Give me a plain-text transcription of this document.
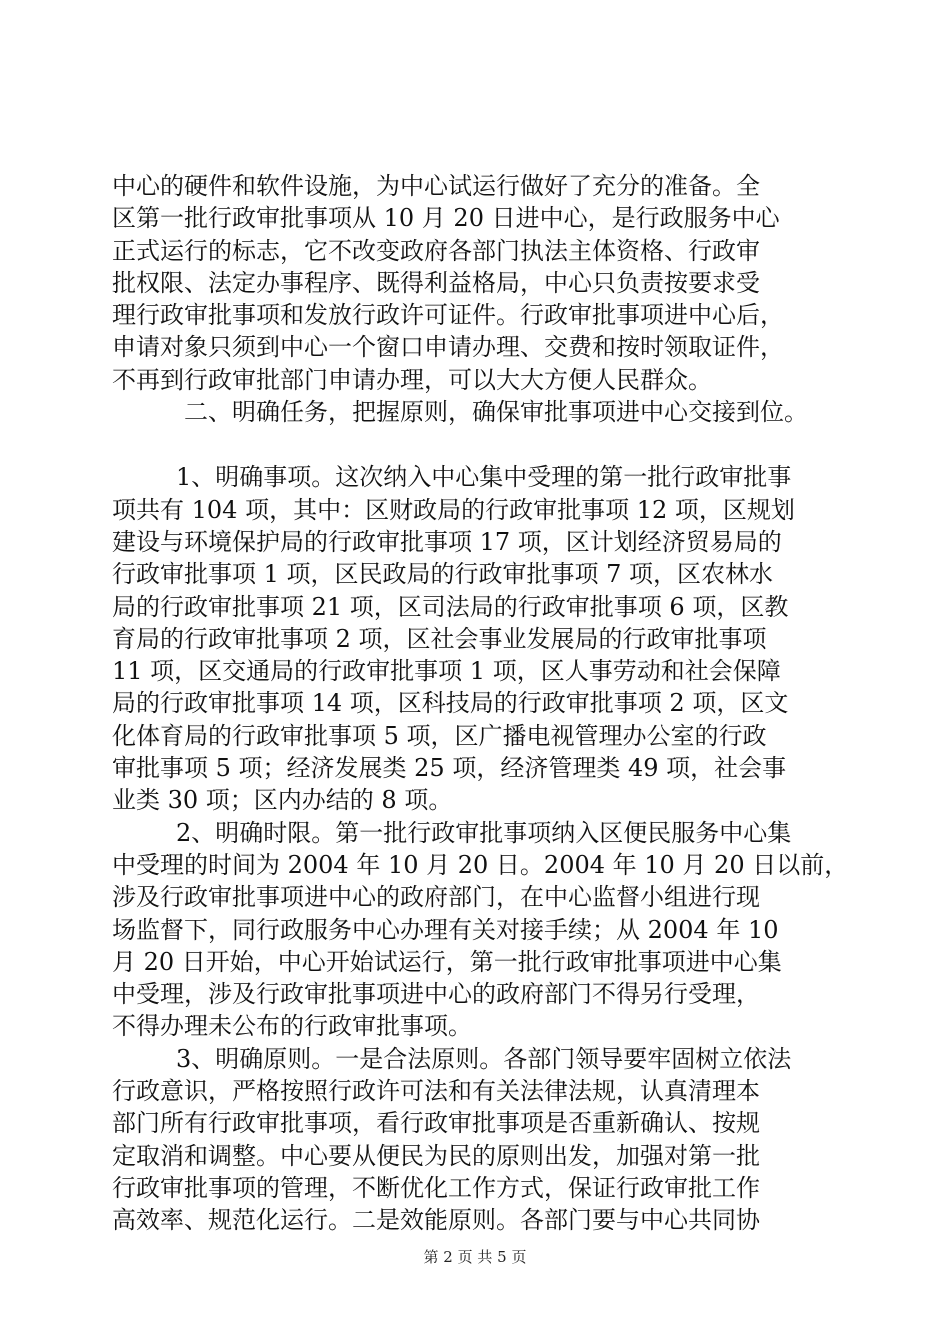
中心的硬件和软件设施，为中心试运行做好了充分的准备。全
区第一批行政审批事项从 10 月 20 日进中心，是行政服务中心
正式运行的标志，它不改变政府各部门执法主体资格、行政审
批权限、法定办事程序、既得利益格局，中心只负责按要求受
理行政审批事项和发放行政许可证件。行政审批事项进中心后，
申请对象只须到中心一个窗口申请办理、交费和按时领取证件，
不再到行政审批部门申请办理，可以大大方便人民群众。
二、明确任务，把握原则，确保审批事项进中心交接到位。
1、明确事项。这次纳入中心集中受理的第一批行政审批事
项共有 104 项，其中：区财政局的行政审批事项 12 项，区规划
建设与环境保护局的行政审批事项 17 项，区计划经济贸易局的
行政审批事项 1 项，区民政局的行政审批事项 7 项，区农林水
局的行政审批事项 21 项，区司法局的行政审批事项 6 项，区教
育局的行政审批事项 2 项，区社会事业发展局的行政审批事项
11 项，区交通局的行政审批事项 1 项，区人事劳动和社会保障
局的行政审批事项 14 项，区科技局的行政审批事项 2 项，区文
化体育局的行政审批事项 5 项，区广播电视管理办公室的行政
审批事项 5 项；经济发展类 25 项，经济管理类 49 项，社会事
业类 30 项；区内办结的 8 项。
2、明确时限。第一批行政审批事项纳入区便民服务中心集
中受理的时间为 2004 年 10 月 20 日。2004 年 10 月 20 日以前，
涉及行政审批事项进中心的政府部门，在中心监督小组进行现
场监督下，同行政服务中心办理有关对接手续；从 2004 年 10
月 20 日开始，中心开始试运行，第一批行政审批事项进中心集
中受理，涉及行政审批事项进中心的政府部门不得另行受理，
不得办理未公布的行政审批事项。
3、明确原则。一是合法原则。各部门领导要牢固树立依法
行政意识，严格按照行政许可法和有关法律法规，认真清理本
部门所有行政审批事项，看行政审批事项是否重新确认、按规
定取消和调整。中心要从便民为民的原则出发，加强对第一批
行政审批事项的管理，不断优化工作方式，保证行政审批工作
高效率、规范化运行。二是效能原则。各部门要与中心共同协
第 2 页 共 5 页
